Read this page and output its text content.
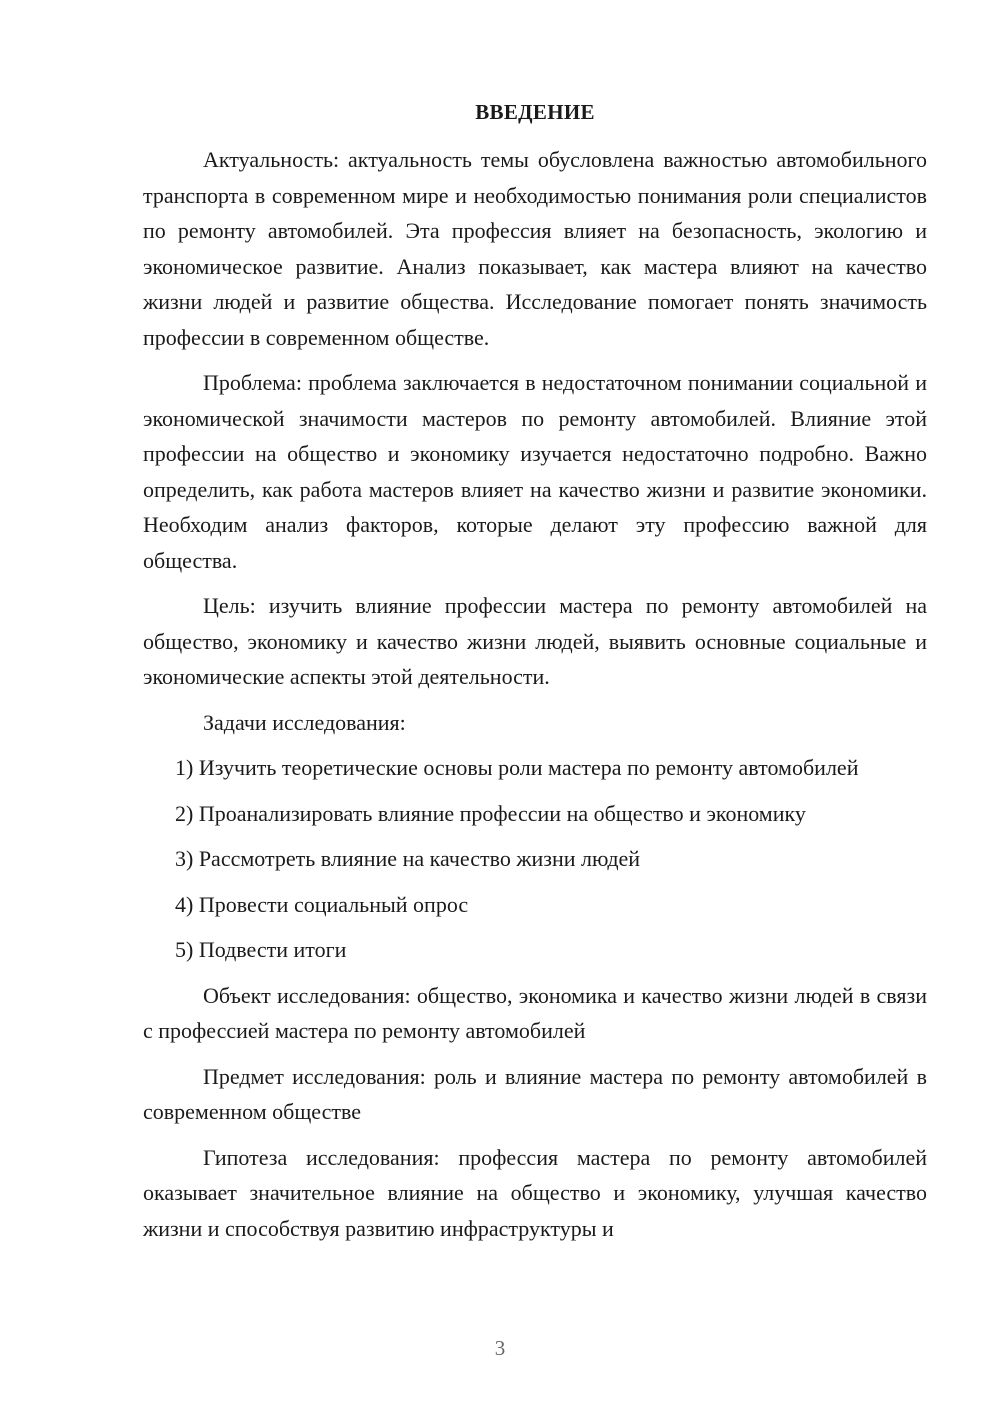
ВВЕДЕНИЕ

Актуальность: актуальность темы обусловлена важностью автомобильного транспорта в современном мире и необходимостью понимания роли специалистов по ремонту автомобилей. Эта профессия влияет на безопасность, экологию и экономическое развитие. Анализ показывает, как мастера влияют на качество жизни людей и развитие общества. Исследование помогает понять значимость профессии в современном обществе.

Проблема: проблема заключается в недостаточном понимании социальной и экономической значимости мастеров по ремонту автомобилей. Влияние этой профессии на общество и экономику изучается недостаточно подробно. Важно определить, как работа мастеров влияет на качество жизни и развитие экономики. Необходим анализ факторов, которые делают эту профессию важной для общества.

Цель: изучить влияние профессии мастера по ремонту автомобилей на общество, экономику и качество жизни людей, выявить основные социальные и экономические аспекты этой деятельности.

Задачи исследования:

1) Изучить теоретические основы роли мастера по ремонту автомобилей

2) Проанализировать влияние профессии на общество и экономику

3) Рассмотреть влияние на качество жизни людей

4) Провести социальный опрос

5) Подвести итоги

Объект исследования: общество, экономика и качество жизни людей в связи с профессией мастера по ремонту автомобилей

Предмет исследования: роль и влияние мастера по ремонту автомобилей в современном обществе

Гипотеза исследования: профессия мастера по ремонту автомобилей оказывает значительное влияние на общество и экономику, улучшая качество жизни и способствуя развитию инфраструктуры и

3
